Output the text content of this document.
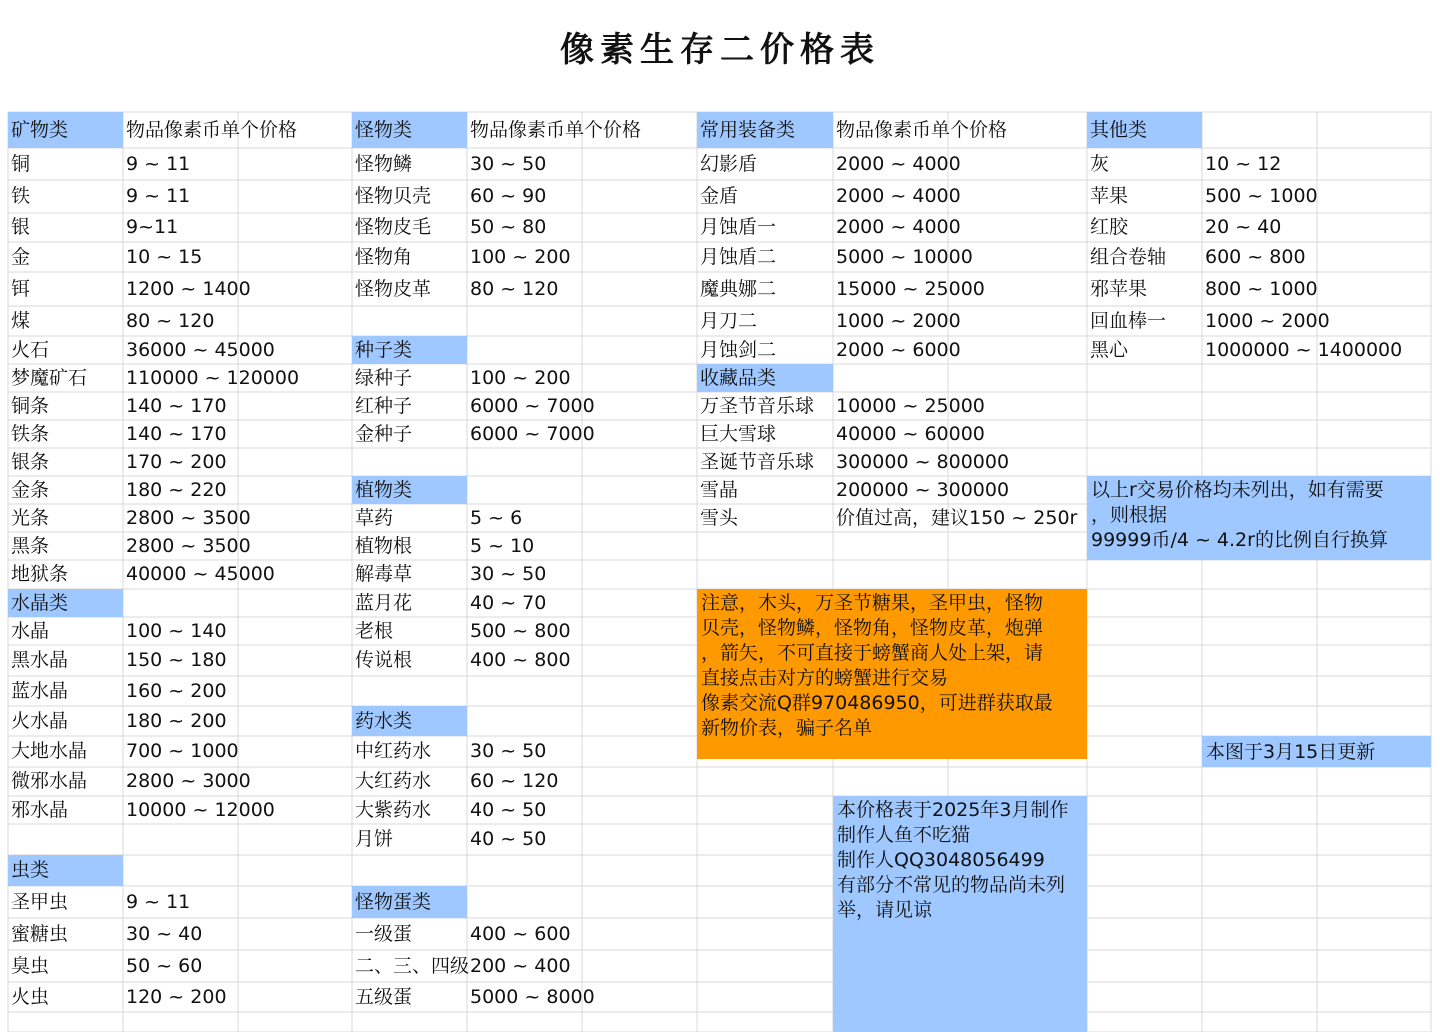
像素生存二价格表
矿物类	物品像素币单个价格
铜	9 ~ 11
铁	9 ~ 11
银	9~11
金	10 ~ 15
铒	1200 ~ 1400
煤	80 ~ 120
火石	36000 ~ 45000
梦魔矿石	110000 ~ 120000
铜条	140 ~ 170
铁条	140 ~ 170
银条	170 ~ 200
金条	180 ~ 220
光条	2800 ~ 3500
黑条	2800 ~ 3500
地狱条	40000 ~ 45000
水晶类
水晶	100 ~ 140
黑水晶	150 ~ 180
蓝水晶	160 ~ 200
火水晶	180 ~ 200
大地水晶	700 ~ 1000
微邪水晶	2800 ~ 3000
邪水晶	10000 ~ 12000
虫类
圣甲虫	9 ~ 11
蜜糖虫	30 ~ 40
臭虫	50 ~ 60
火虫	120 ~ 200
怪物类	物品像素币单个价格
怪物鳞	30 ~ 50
怪物贝壳	60 ~ 90
怪物皮毛	50 ~ 80
怪物角	100 ~ 200
怪物皮革	80 ~ 120
种子类
绿种子	100 ~ 200
红种子	6000 ~ 7000
金种子	6000 ~ 7000
植物类
草药	5 ~ 6
植物根	5 ~ 10
解毒草	30 ~ 50
蓝月花	40 ~ 70
老根	500 ~ 800
传说根	400 ~ 800
药水类
中红药水	30 ~ 50
大红药水	60 ~ 120
大紫药水	40 ~ 50
月饼	40 ~ 50
怪物蛋类
一级蛋	400 ~ 600
二、三、四级 200 ~ 400
五级蛋	5000 ~ 8000
常用装备类	物品像素币单个价格
幻影盾	2000 ~ 4000
金盾	2000 ~ 4000
月蚀盾一	2000 ~ 4000
月蚀盾二	5000 ~ 10000
魔典娜二	15000 ~ 25000
月刀二	1000 ~ 2000
月蚀剑二	2000 ~ 6000
收藏品类
万圣节音乐球	10000 ~ 25000
巨大雪球	40000 ~ 60000
圣诞节音乐球	300000 ~ 800000
雪晶	200000 ~ 300000
雪头	价值过高，建议150 ~ 250r
其他类
灰	10 ~ 12
苹果	500 ~ 1000
红胶	20 ~ 40
组合卷轴	600 ~ 800
邪苹果	800 ~ 1000
回血棒一	1000 ~ 2000
黑心	1000000 ~ 1400000
以上r交易价格均未列出，如有需要
，则根据
99999币/4 ~ 4.2r的比例自行换算
注意，木头，万圣节糖果，圣甲虫，怪物
贝壳，怪物鳞，怪物角，怪物皮革，炮弹
，箭矢，不可直接于螃蟹商人处上架，请
直接点击对方的螃蟹进行交易
像素交流Q群970486950，可进群获取最
新物价表，骗子名单
本图于3月15日更新
本价格表于2025年3月制作
制作人鱼不吃猫
制作人QQ3048056499
有部分不常见的物品尚未列
举，请见谅
